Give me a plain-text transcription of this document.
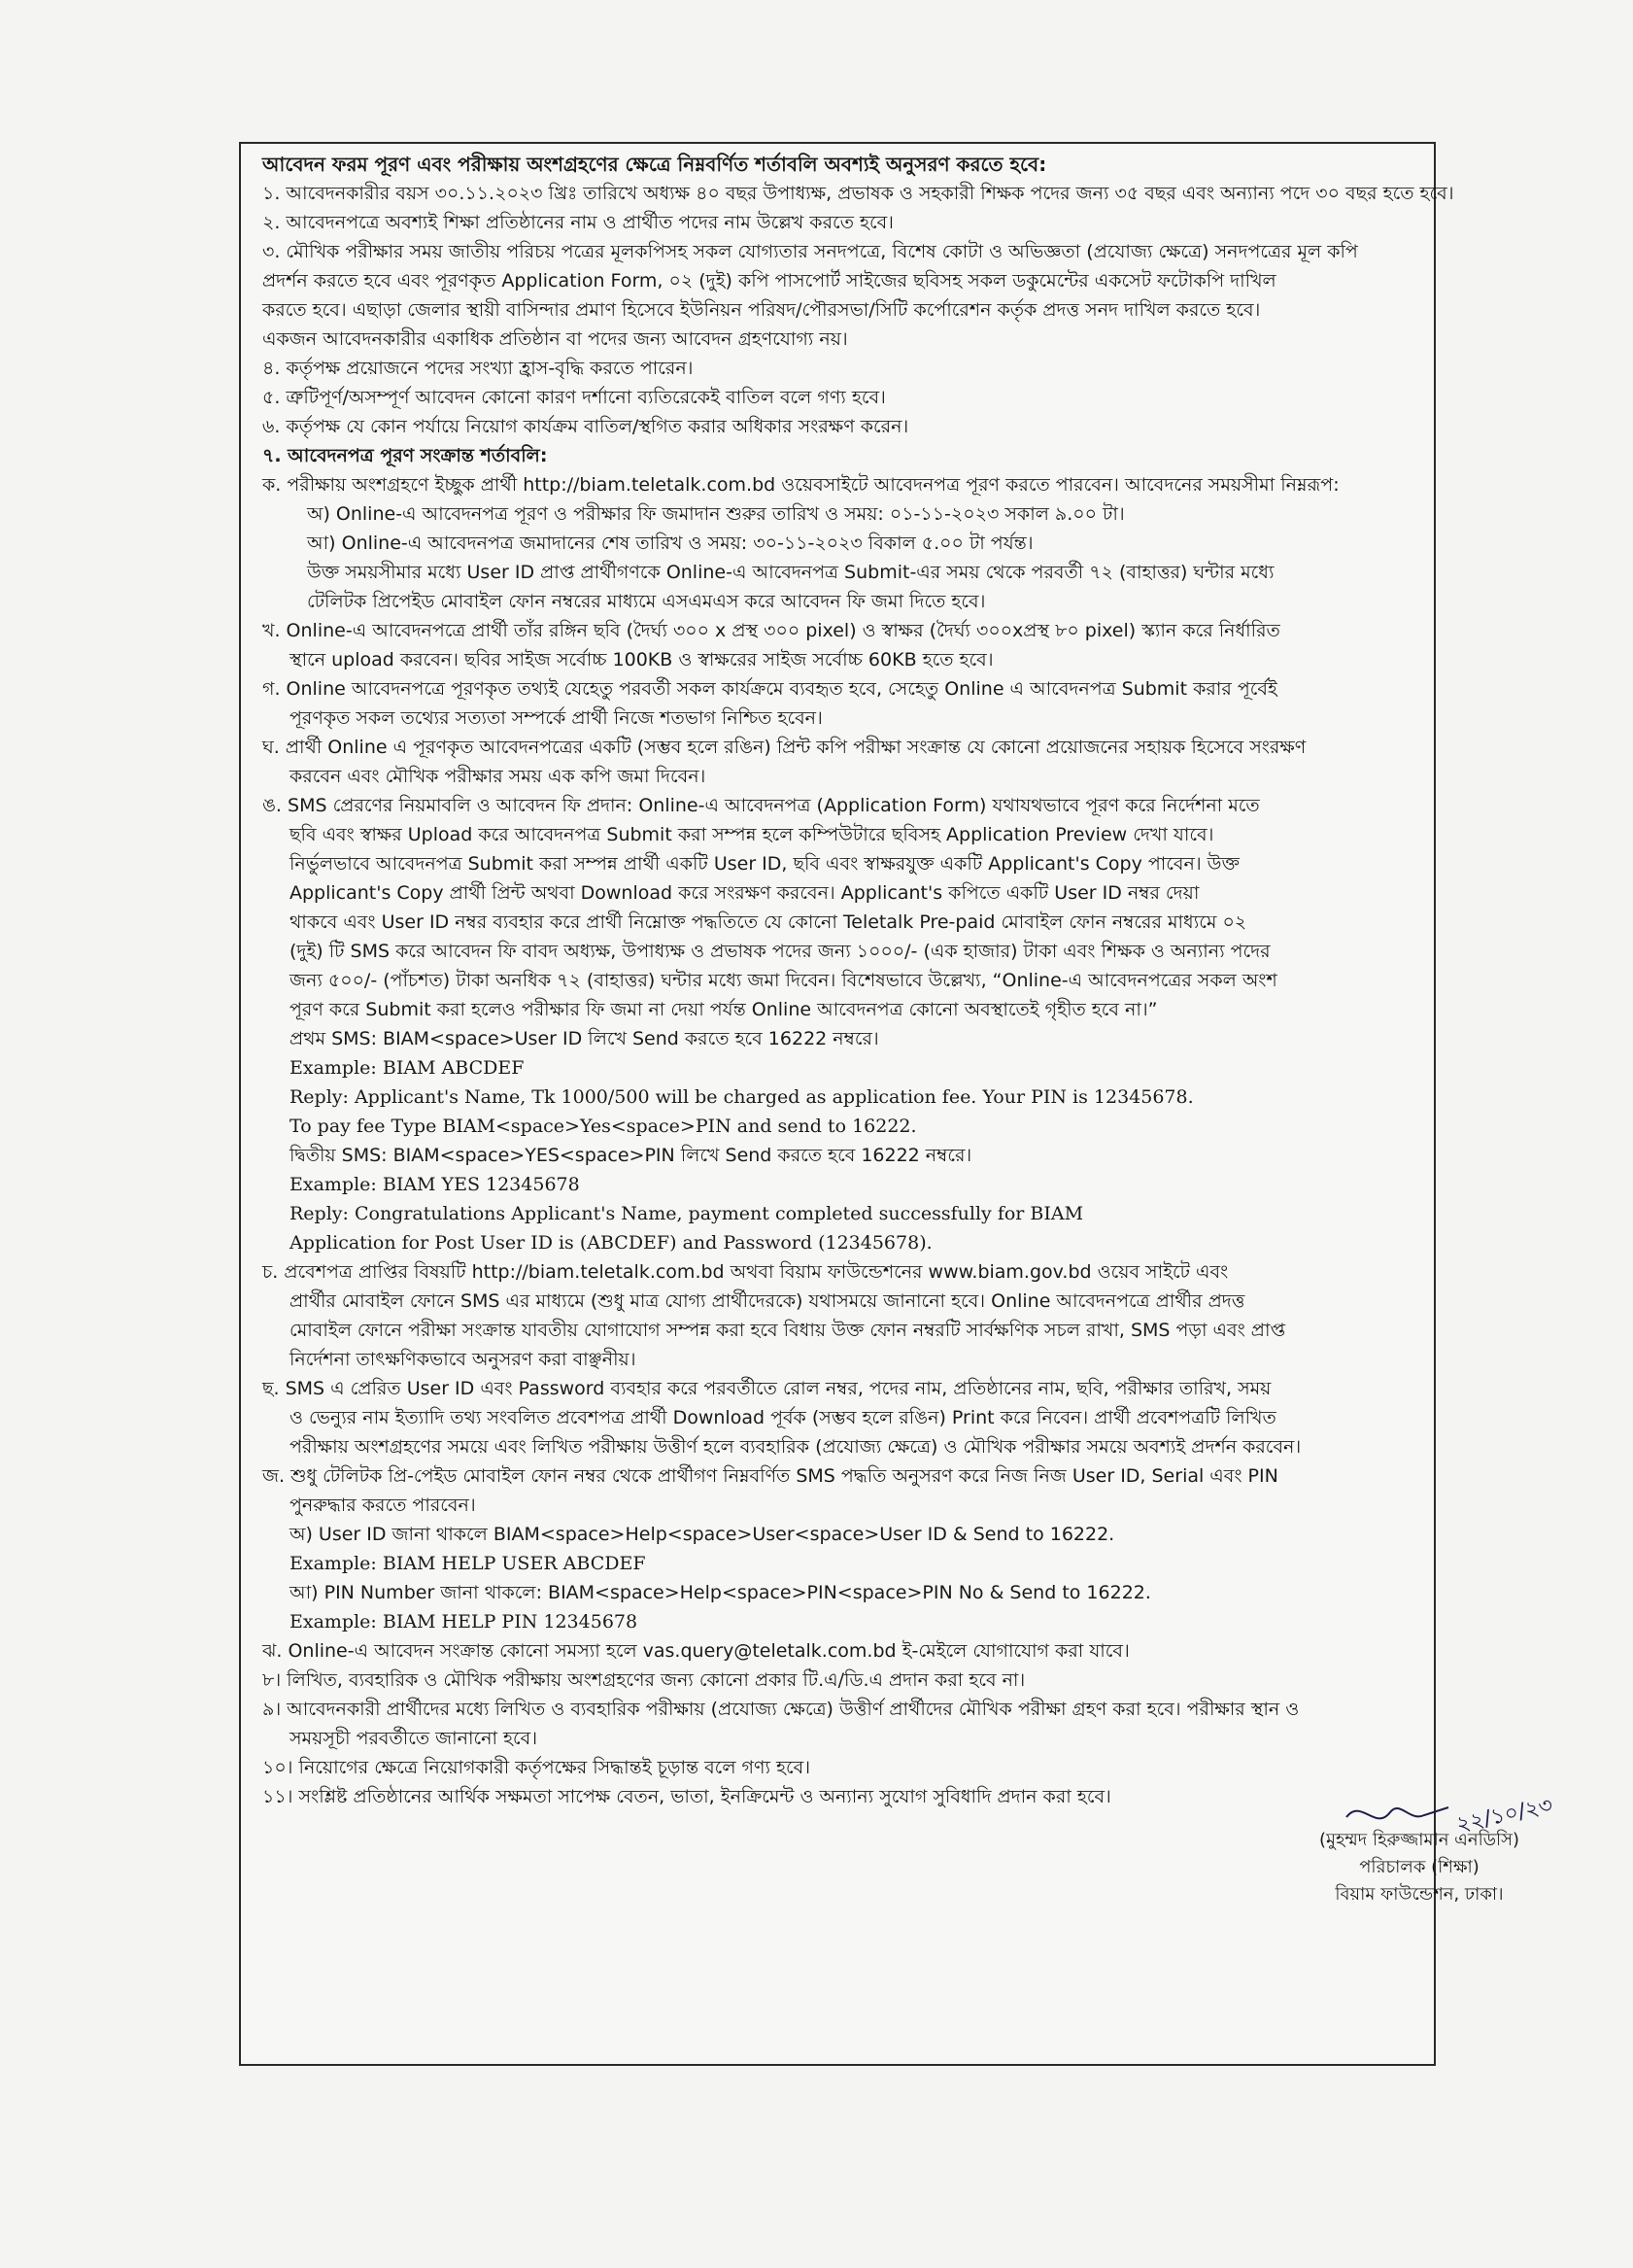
আবেদন ফরম পূরণ এবং পরীক্ষায় অংশগ্রহণের ক্ষেত্রে নিম্নবর্ণিত শর্তাবলি অবশ্যই অনুসরণ করতে হবে:
১. আবেদনকারীর বয়স ৩০.১১.২০২৩ খ্রিঃ তারিখে অধ্যক্ষ ৪০ বছর উপাধ্যক্ষ, প্রভাষক ও সহকারী শিক্ষক পদের জন্য ৩৫ বছর এবং অন্যান্য পদে ৩০ বছর হতে হবে।
২. আবেদনপত্রে অবশ্যই শিক্ষা প্রতিষ্ঠানের নাম ও প্রার্থীত পদের নাম উল্লেখ করতে হবে।
৩. মৌখিক পরীক্ষার সময় জাতীয় পরিচয় পত্রের মূলকপিসহ সকল যোগ্যতার সনদপত্রে, বিশেষ কোটা ও অভিজ্ঞতা (প্রযোজ্য ক্ষেত্রে) সনদপত্রের মূল কপি
প্রদর্শন করতে হবে এবং পূরণকৃত Application Form, ০২ (দুই) কপি পাসপোর্ট সাইজের ছবিসহ সকল ডকুমেন্টের একসেট ফটোকপি দাখিল
করতে হবে। এছাড়া জেলার স্থায়ী বাসিন্দার প্রমাণ হিসেবে ইউনিয়ন পরিষদ/পৌরসভা/সিটি কর্পোরেশন কর্তৃক প্রদত্ত সনদ দাখিল করতে হবে।
একজন আবেদনকারীর একাধিক প্রতিষ্ঠান বা পদের জন্য আবেদন গ্রহণযোগ্য নয়।
৪. কর্তৃপক্ষ প্রয়োজনে পদের সংখ্যা হ্রাস-বৃদ্ধি করতে পারেন।
৫. ত্রুটিপূর্ণ/অসম্পূর্ণ আবেদন কোনো কারণ দর্শানো ব্যতিরেকেই বাতিল বলে গণ্য হবে।
৬. কর্তৃপক্ষ যে কোন পর্যায়ে নিয়োগ কার্যক্রম বাতিল/স্থগিত করার অধিকার সংরক্ষণ করেন।
৭. আবেদনপত্র পূরণ সংক্রান্ত শর্তাবলি:
ক. পরীক্ষায় অংশগ্রহণে ইচ্ছুক প্রার্থী http://biam.teletalk.com.bd ওয়েবসাইটে আবেদনপত্র পূরণ করতে পারবেন। আবেদনের সময়সীমা নিম্নরূপ:
অ) Online-এ আবেদনপত্র পূরণ ও পরীক্ষার ফি জমাদান শুরুর তারিখ ও সময়: ০১-১১-২০২৩ সকাল ৯.০০ টা।
আ) Online-এ আবেদনপত্র জমাদানের শেষ তারিখ ও সময়: ৩০-১১-২০২৩ বিকাল ৫.০০ টা পর্যন্ত।
উক্ত সময়সীমার মধ্যে User ID প্রাপ্ত প্রার্থীগণকে Online-এ আবেদনপত্র Submit-এর সময় থেকে পরবর্তী ৭২ (বাহাত্তর) ঘন্টার মধ্যে
টেলিটক প্রিপেইড মোবাইল ফোন নম্বরের মাধ্যমে এসএমএস করে আবেদন ফি জমা দিতে হবে।
খ. Online-এ আবেদনপত্রে প্রার্থী তাঁর রঙ্গিন ছবি (দৈর্ঘ্য ৩০০ x প্রস্থ ৩০০ pixel) ও স্বাক্ষর (দৈর্ঘ্য ৩০০xপ্রস্থ ৮০ pixel) স্ক্যান করে নির্ধারিত
স্থানে upload করবেন। ছবির সাইজ সর্বোচ্চ 100KB ও স্বাক্ষরের সাইজ সর্বোচ্চ 60KB হতে হবে।
গ. Online আবেদনপত্রে পূরণকৃত তথ্যই যেহেতু পরবর্তী সকল কার্যক্রমে ব্যবহৃত হবে, সেহেতু Online এ আবেদনপত্র Submit করার পূর্বেই
পূরণকৃত সকল তথ্যের সত্যতা সম্পর্কে প্রার্থী নিজে শতভাগ নিশ্চিত হবেন।
ঘ. প্রার্থী Online এ পূরণকৃত আবেদনপত্রের একটি (সম্ভব হলে রঙিন) প্রিন্ট কপি পরীক্ষা সংক্রান্ত যে কোনো প্রয়োজনের সহায়ক হিসেবে সংরক্ষণ
করবেন এবং মৌখিক পরীক্ষার সময় এক কপি জমা দিবেন।
ঙ. SMS প্রেরণের নিয়মাবলি ও আবেদন ফি প্রদান: Online-এ আবেদনপত্র (Application Form) যথাযথভাবে পূরণ করে নির্দেশনা মতে
ছবি এবং স্বাক্ষর Upload করে আবেদনপত্র Submit করা সম্পন্ন হলে কম্পিউটারে ছবিসহ Application Preview দেখা যাবে।
নির্ভুলভাবে আবেদনপত্র Submit করা সম্পন্ন প্রার্থী একটি User ID, ছবি এবং স্বাক্ষরযুক্ত একটি Applicant's Copy পাবেন। উক্ত
Applicant's Copy প্রার্থী প্রিন্ট অথবা Download করে সংরক্ষণ করবেন। Applicant's কপিতে একটি User ID নম্বর দেয়া
থাকবে এবং User ID নম্বর ব্যবহার করে প্রার্থী নিম্নোক্ত পদ্ধতিতে যে কোনো Teletalk Pre-paid মোবাইল ফোন নম্বরের মাধ্যমে ০২
(দুই) টি SMS করে আবেদন ফি বাবদ অধ্যক্ষ, উপাধ্যক্ষ ও প্রভাষক পদের জন্য ১০০০/- (এক হাজার) টাকা এবং শিক্ষক ও অন্যান্য পদের
জন্য ৫০০/- (পাঁচশত) টাকা অনধিক ৭২ (বাহাত্তর) ঘন্টার মধ্যে জমা দিবেন। বিশেষভাবে উল্লেখ্য, “Online-এ আবেদনপত্রের সকল অংশ
পূরণ করে Submit করা হলেও পরীক্ষার ফি জমা না দেয়া পর্যন্ত Online আবেদনপত্র কোনো অবস্থাতেই গৃহীত হবে না।”
প্রথম SMS: BIAM<space>User ID লিখে Send করতে হবে 16222 নম্বরে।
Example: BIAM ABCDEF
Reply: Applicant's Name, Tk 1000/500 will be charged as application fee. Your PIN is 12345678.
To pay fee Type BIAM<space>Yes<space>PIN and send to 16222.
দ্বিতীয় SMS: BIAM<space>YES<space>PIN লিখে Send করতে হবে 16222 নম্বরে।
Example: BIAM YES 12345678
Reply: Congratulations Applicant's Name, payment completed successfully for BIAM
Application for Post User ID is (ABCDEF) and Password (12345678).
চ. প্রবেশপত্র প্রাপ্তির বিষয়টি http://biam.teletalk.com.bd অথবা বিয়াম ফাউন্ডেশনের www.biam.gov.bd ওয়েব সাইটে এবং
প্রার্থীর মোবাইল ফোনে SMS এর মাধ্যমে (শুধু মাত্র যোগ্য প্রার্থীদেরকে) যথাসময়ে জানানো হবে। Online আবেদনপত্রে প্রার্থীর প্রদত্ত
মোবাইল ফোনে পরীক্ষা সংক্রান্ত যাবতীয় যোগাযোগ সম্পন্ন করা হবে বিধায় উক্ত ফোন নম্বরটি সার্বক্ষণিক সচল রাখা, SMS পড়া এবং প্রাপ্ত
নির্দেশনা তাৎক্ষণিকভাবে অনুসরণ করা বাঞ্ছনীয়।
ছ. SMS এ প্রেরিত User ID এবং Password ব্যবহার করে পরবর্তীতে রোল নম্বর, পদের নাম, প্রতিষ্ঠানের নাম, ছবি, পরীক্ষার তারিখ, সময়
ও ভেন্যুর নাম ইত্যাদি তথ্য সংবলিত প্রবেশপত্র প্রার্থী Download পূর্বক (সম্ভব হলে রঙিন) Print করে নিবেন। প্রার্থী প্রবেশপত্রটি লিখিত
পরীক্ষায় অংশগ্রহণের সময়ে এবং লিখিত পরীক্ষায় উত্তীর্ণ হলে ব্যবহারিক (প্রযোজ্য ক্ষেত্রে) ও মৌখিক পরীক্ষার সময়ে অবশ্যই প্রদর্শন করবেন।
জ. শুধু টেলিটক প্রি-পেইড মোবাইল ফোন নম্বর থেকে প্রার্থীগণ নিম্নবর্ণিত SMS পদ্ধতি অনুসরণ করে নিজ নিজ User ID, Serial এবং PIN
পুনরুদ্ধার করতে পারবেন।
অ) User ID জানা থাকলে BIAM<space>Help<space>User<space>User ID & Send to 16222.
Example: BIAM HELP USER ABCDEF
আ) PIN Number জানা থাকলে: BIAM<space>Help<space>PIN<space>PIN No & Send to 16222.
Example: BIAM HELP PIN 12345678
ঝ. Online-এ আবেদন সংক্রান্ত কোনো সমস্যা হলে vas.query@teletalk.com.bd ই-মেইলে যোগাযোগ করা যাবে।
৮। লিখিত, ব্যবহারিক ও মৌখিক পরীক্ষায় অংশগ্রহণের জন্য কোনো প্রকার টি.এ/ডি.এ প্রদান করা হবে না।
৯। আবেদনকারী প্রার্থীদের মধ্যে লিখিত ও ব্যবহারিক পরীক্ষায় (প্রযোজ্য ক্ষেত্রে) উত্তীর্ণ প্রার্থীদের মৌখিক পরীক্ষা গ্রহণ করা হবে। পরীক্ষার স্থান ও
সময়সূচী পরবর্তীতে জানানো হবে।
১০। নিয়োগের ক্ষেত্রে নিয়োগকারী কর্তৃপক্ষের সিদ্ধান্তই চূড়ান্ত বলে গণ্য হবে।
১১। সংশ্লিষ্ট প্রতিষ্ঠানের আর্থিক সক্ষমতা সাপেক্ষ বেতন, ভাতা, ইনক্রিমেন্ট ও অন্যান্য সুযোগ সুবিধাদি প্রদান করা হবে।	২২/১০/২৩
(মুহম্মদ হিরুজ্জামান এনডিসি)
পরিচালক (শিক্ষা)
বিয়াম ফাউন্ডেশন, ঢাকা।
